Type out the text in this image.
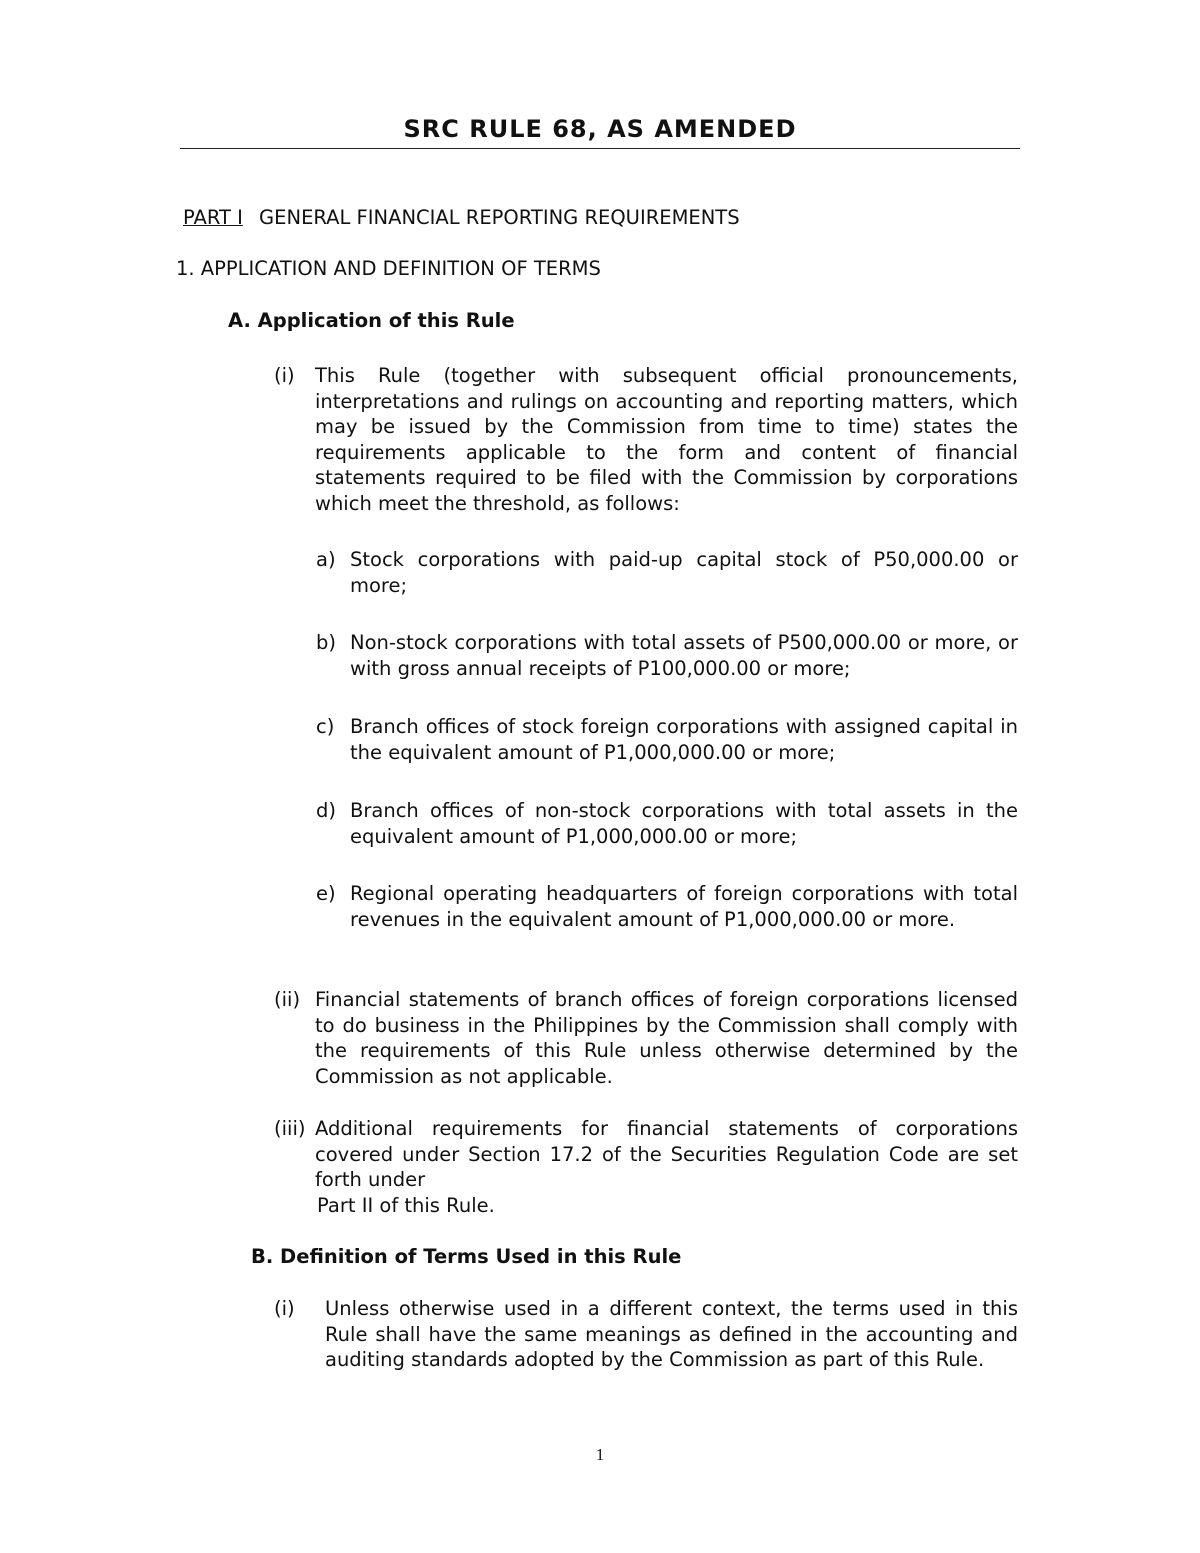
SRC RULE 68, AS AMENDED
PART I GENERAL FINANCIAL REPORTING REQUIREMENTS
1. APPLICATION AND DEFINITION OF TERMS
A. Application of this Rule
(i) This Rule (together with subsequent official pronouncements, interpretations and rulings on accounting and reporting matters, which may be issued by the Commission from time to time) states the requirements applicable to the form and content of financial statements required to be filed with the Commission by corporations which meet the threshold, as follows:
a) Stock corporations with paid-up capital stock of P50,000.00 or more;
b) Non-stock corporations with total assets of P500,000.00 or more, or with gross annual receipts of P100,000.00 or more;
c) Branch offices of stock foreign corporations with assigned capital in the equivalent amount of P1,000,000.00 or more;
d) Branch offices of non-stock corporations with total assets in the equivalent amount of P1,000,000.00 or more;
e) Regional operating headquarters of foreign corporations with total revenues in the equivalent amount of P1,000,000.00 or more.
(ii) Financial statements of branch offices of foreign corporations licensed to do business in the Philippines by the Commission shall comply with the requirements of this Rule unless otherwise determined by the Commission as not applicable.
(iii) Additional requirements for financial statements of corporations covered under Section 17.2 of the Securities Regulation Code are set forth under
Part II of this Rule.
B. Definition of Terms Used in this Rule
(i) Unless otherwise used in a different context, the terms used in this Rule shall have the same meanings as defined in the accounting and auditing standards adopted by the Commission as part of this Rule.
1
